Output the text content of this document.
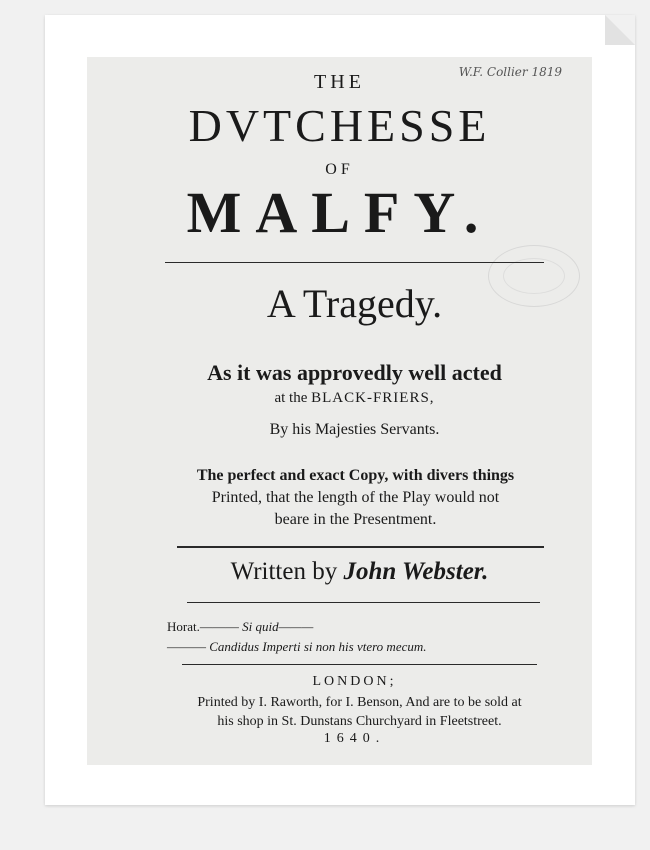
W.F. Collier 1819
THE
DVTCHESSE
OF
MALFY.
A Tragedy.
As it was approvedly well acted
at the BLACK-FRIERS,
By his Majesties Servants.
The perfect and exact Copy, with divers things
Printed, that the length of the Play would not
beare in the Presentment.
Written by John Webster.
Horat.——— Si quid———
——— Candidus Imperti si non his vtero mecum.
LONDON;
Printed by I. Raworth, for I. Benson, And are to be sold at
his shop in St. Dunstans Churchyard in Fleetstreet.
1640.
